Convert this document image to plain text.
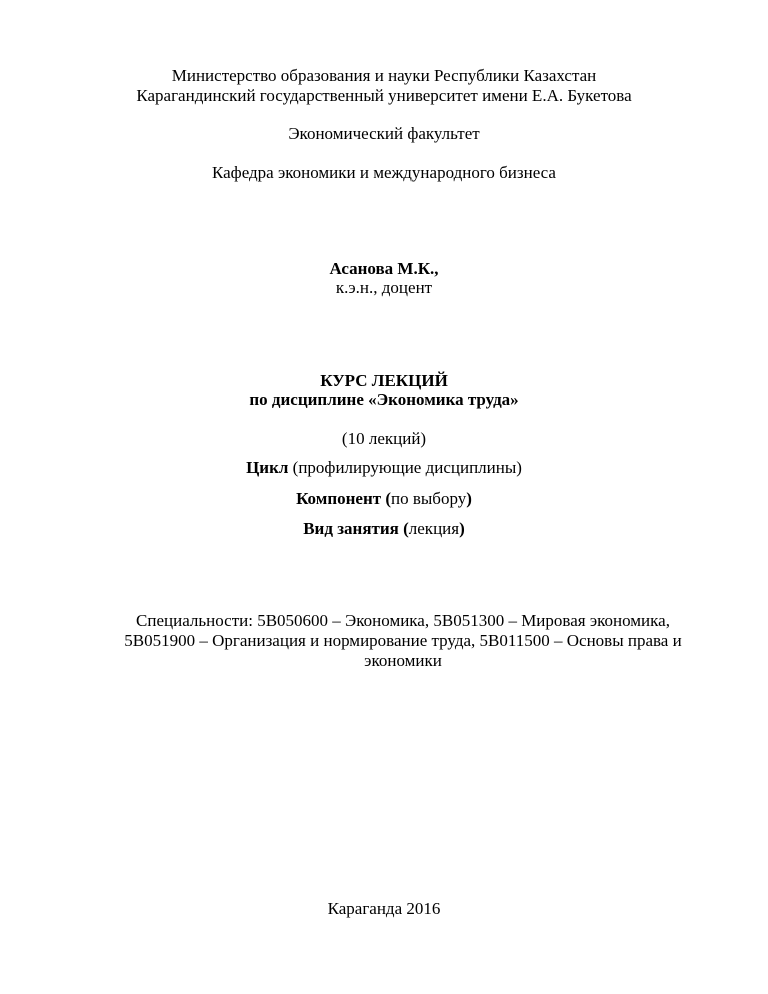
Министерство образования и науки Республики Казахстан
Карагандинский государственный университет имени Е.А. Букетова
Экономический факультет
Кафедра экономики и международного бизнеса
Асанова М.К.,
к.э.н., доцент
КУРС ЛЕКЦИЙ
по дисциплине «Экономика труда»
(10 лекций)
Цикл (профилирующие дисциплины)
Компонент (по выбору)
Вид занятия (лекция)
Специальности: 5В050600 – Экономика, 5В051300 – Мировая экономика,
5В051900 – Организация и нормирование труда, 5В011500 – Основы права и
экономики
Караганда 2016
